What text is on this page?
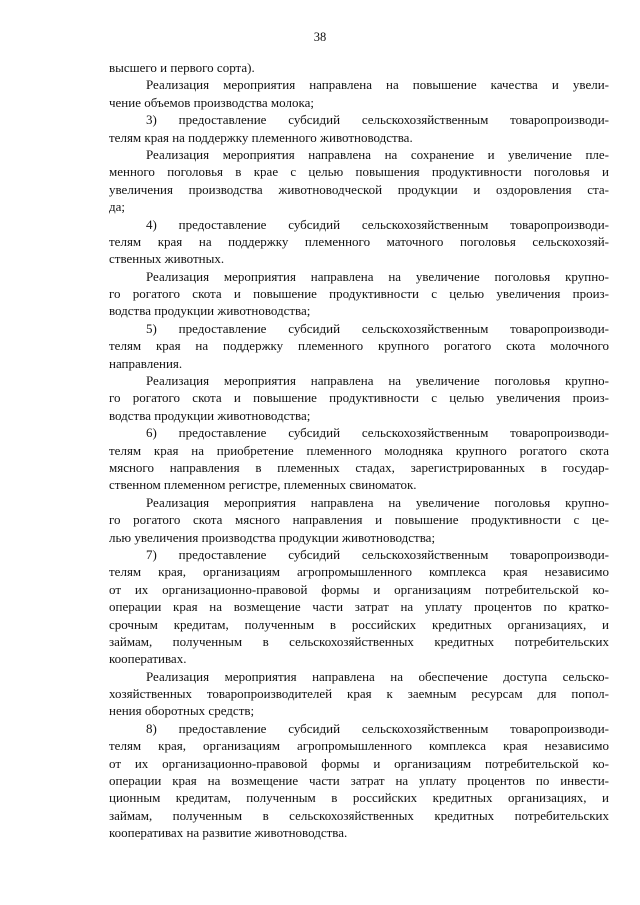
38
высшего и первого сорта).
Реализация мероприятия направлена на повышение качества и увели-
чение объемов производства молока;
3) предоставление субсидий сельскохозяйственным товаропроизводи-
телям края на поддержку племенного животноводства.
Реализация мероприятия направлена на сохранение и увеличение пле-
менного поголовья в крае с целью повышения продуктивности поголовья и
увеличения производства животноводческой продукции и оздоровления ста-
да;
4) предоставление субсидий сельскохозяйственным товаропроизводи-
телям края на поддержку племенного маточного поголовья сельскохозяй-
ственных животных.
Реализация мероприятия направлена на увеличение поголовья крупно-
го рогатого скота и повышение продуктивности с целью увеличения произ-
водства продукции животноводства;
5) предоставление субсидий сельскохозяйственным товаропроизводи-
телям края на поддержку племенного крупного рогатого скота молочного
направления.
Реализация мероприятия направлена на увеличение поголовья крупно-
го рогатого скота и повышение продуктивности с целью увеличения произ-
водства продукции животноводства;
6) предоставление субсидий сельскохозяйственным товаропроизводи-
телям края на приобретение племенного молодняка крупного рогатого скота
мясного направления в племенных стадах, зарегистрированных в государ-
ственном племенном регистре, племенных свиноматок.
Реализация мероприятия направлена на увеличение поголовья крупно-
го рогатого скота мясного направления и повышение продуктивности с це-
лью увеличения производства продукции животноводства;
7) предоставление субсидий сельскохозяйственным товаропроизводи-
телям края, организациям агропромышленного комплекса края независимо
от их организационно-правовой формы и организациям потребительской ко-
операции края на возмещение части затрат на уплату процентов по кратко-
срочным кредитам, полученным в российских кредитных организациях, и
займам, полученным в сельскохозяйственных кредитных потребительских
кооперативах.
Реализация мероприятия направлена на обеспечение доступа сельско-
хозяйственных товаропроизводителей края к заемным ресурсам для попол-
нения оборотных средств;
8) предоставление субсидий сельскохозяйственным товаропроизводи-
телям края, организациям агропромышленного комплекса края независимо
от их организационно-правовой формы и организациям потребительской ко-
операции края на возмещение части затрат на уплату процентов по инвести-
ционным кредитам, полученным в российских кредитных организациях, и
займам, полученным в сельскохозяйственных кредитных потребительских
кооперативах на развитие животноводства.
